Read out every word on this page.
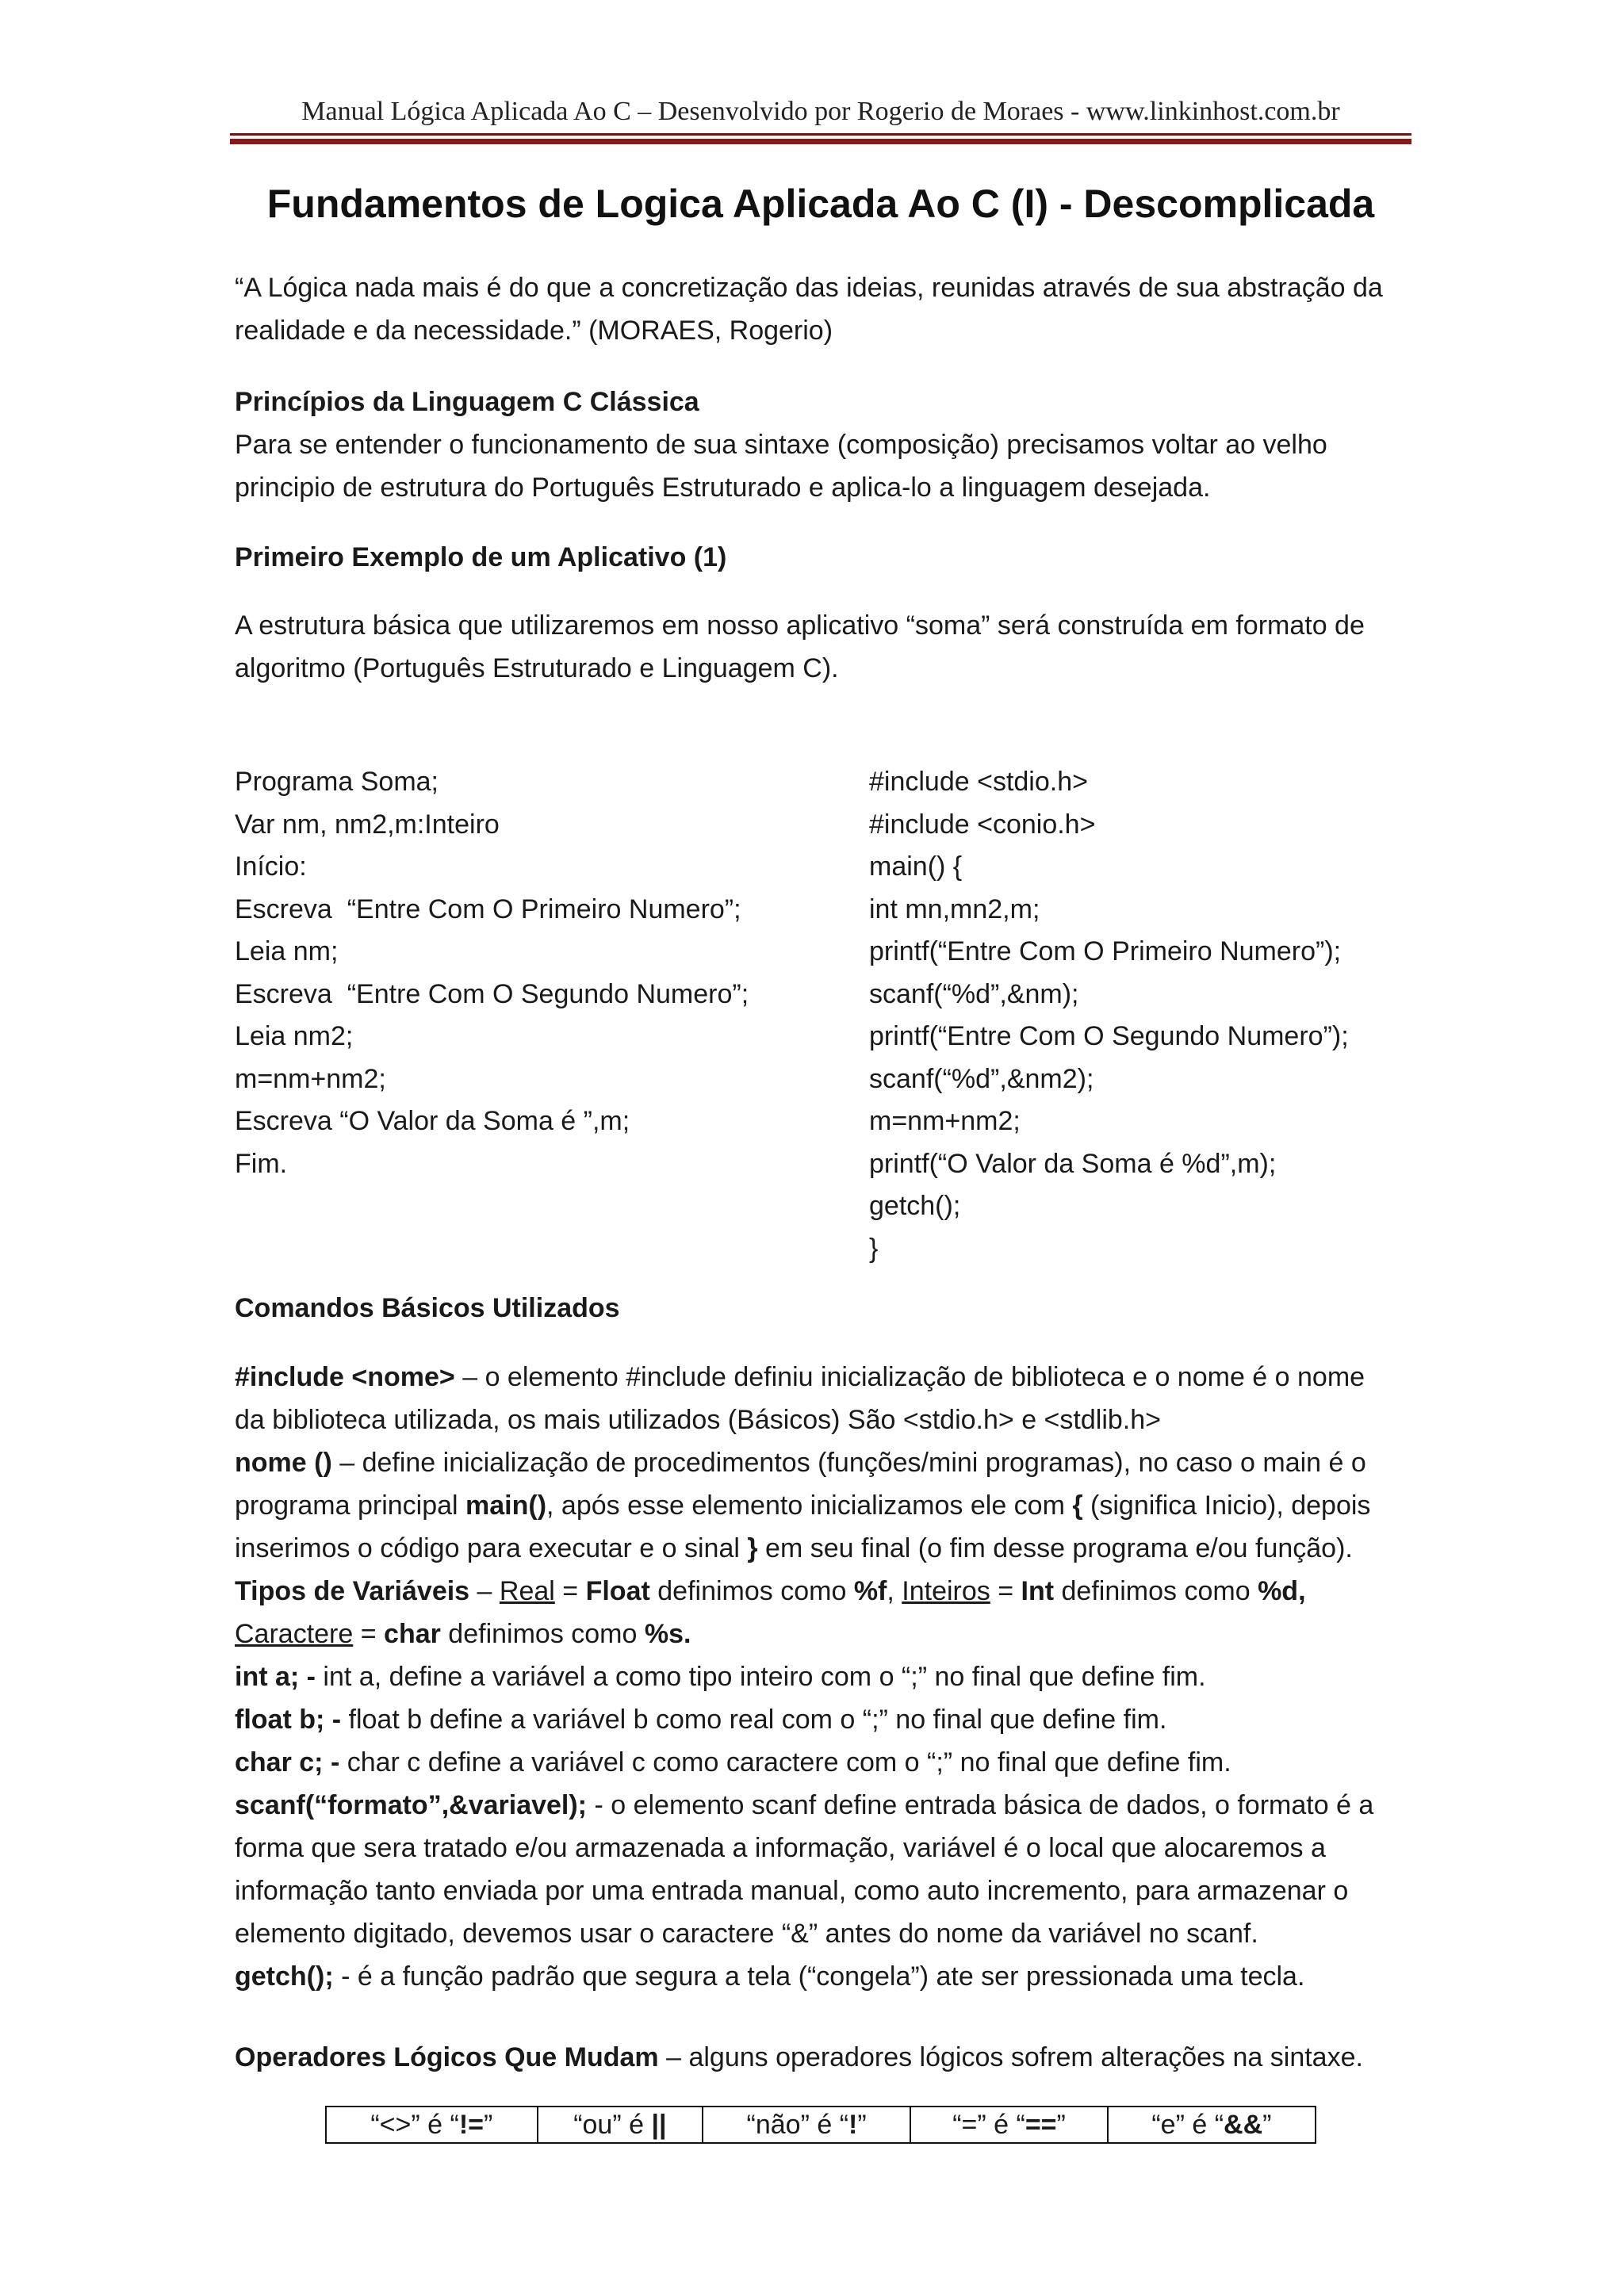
Manual Lógica Aplicada Ao C – Desenvolvido por Rogerio de Moraes - www.linkinhost.com.br
Fundamentos de Logica Aplicada Ao C (I) - Descomplicada
“A Lógica nada mais é do que a concretização das ideias, reunidas através de sua abstração da
realidade e da necessidade.” (MORAES, Rogerio)
Princípios da Linguagem C Clássica
Para se entender o funcionamento de sua sintaxe (composição) precisamos voltar ao velho
principio de estrutura do Português Estruturado e aplica-lo a linguagem desejada.
Primeiro Exemplo de um Aplicativo (1)
A estrutura básica que utilizaremos em nosso aplicativo “soma” será construída em formato de
algoritmo (Português Estruturado e Linguagem C).
Programa Soma;
Var nm, nm2,m:Inteiro
Início:
Escreva  “Entre Com O Primeiro Numero”;
Leia nm;
Escreva  “Entre Com O Segundo Numero”;
Leia nm2;
m=nm+nm2;
Escreva “O Valor da Soma é ”,m;
Fim.
#include <stdio.h>
#include <conio.h>
main() {
int mn,mn2,m;
printf(“Entre Com O Primeiro Numero”);
scanf(“%d”,&nm);
printf(“Entre Com O Segundo Numero”);
scanf(“%d”,&nm2);
m=nm+nm2;
printf(“O Valor da Soma é %d”,m);
getch();
}
Comandos Básicos Utilizados
#include <nome> – o elemento #include definiu inicialização de biblioteca e o nome é o nome
da biblioteca utilizada, os mais utilizados (Básicos) São <stdio.h> e <stdlib.h>
nome () – define inicialização de procedimentos (funções/mini programas), no caso o main é o
programa principal main(), após esse elemento inicializamos ele com { (significa Inicio), depois
inserimos o código para executar e o sinal } em seu final (o fim desse programa e/ou função).
Tipos de Variáveis – Real = Float definimos como %f, Inteiros = Int definimos como %d,
Caractere = char definimos como %s.
int a; - int a, define a variável a como tipo inteiro com o “;” no final que define fim.
float b; - float b define a variável b como real com o “;” no final que define fim.
char c; - char c define a variável c como caractere com o “;” no final que define fim.
scanf(“formato”,&variavel); - o elemento scanf define entrada básica de dados, o formato é a
forma que sera tratado e/ou armazenada a informação, variável é o local que alocaremos a
informação tanto enviada por uma entrada manual, como auto incremento, para armazenar o
elemento digitado, devemos usar o caractere “&” antes do nome da variável no scanf.
getch(); - é a função padrão que segura a tela (“congela”) ate ser pressionada uma tecla.
Operadores Lógicos Que Mudam – alguns operadores lógicos sofrem alterações na sintaxe.
“<>” é “!=”	“ou” é ||	“não” é “!”	“=” é “==”	“e” é “&&”
